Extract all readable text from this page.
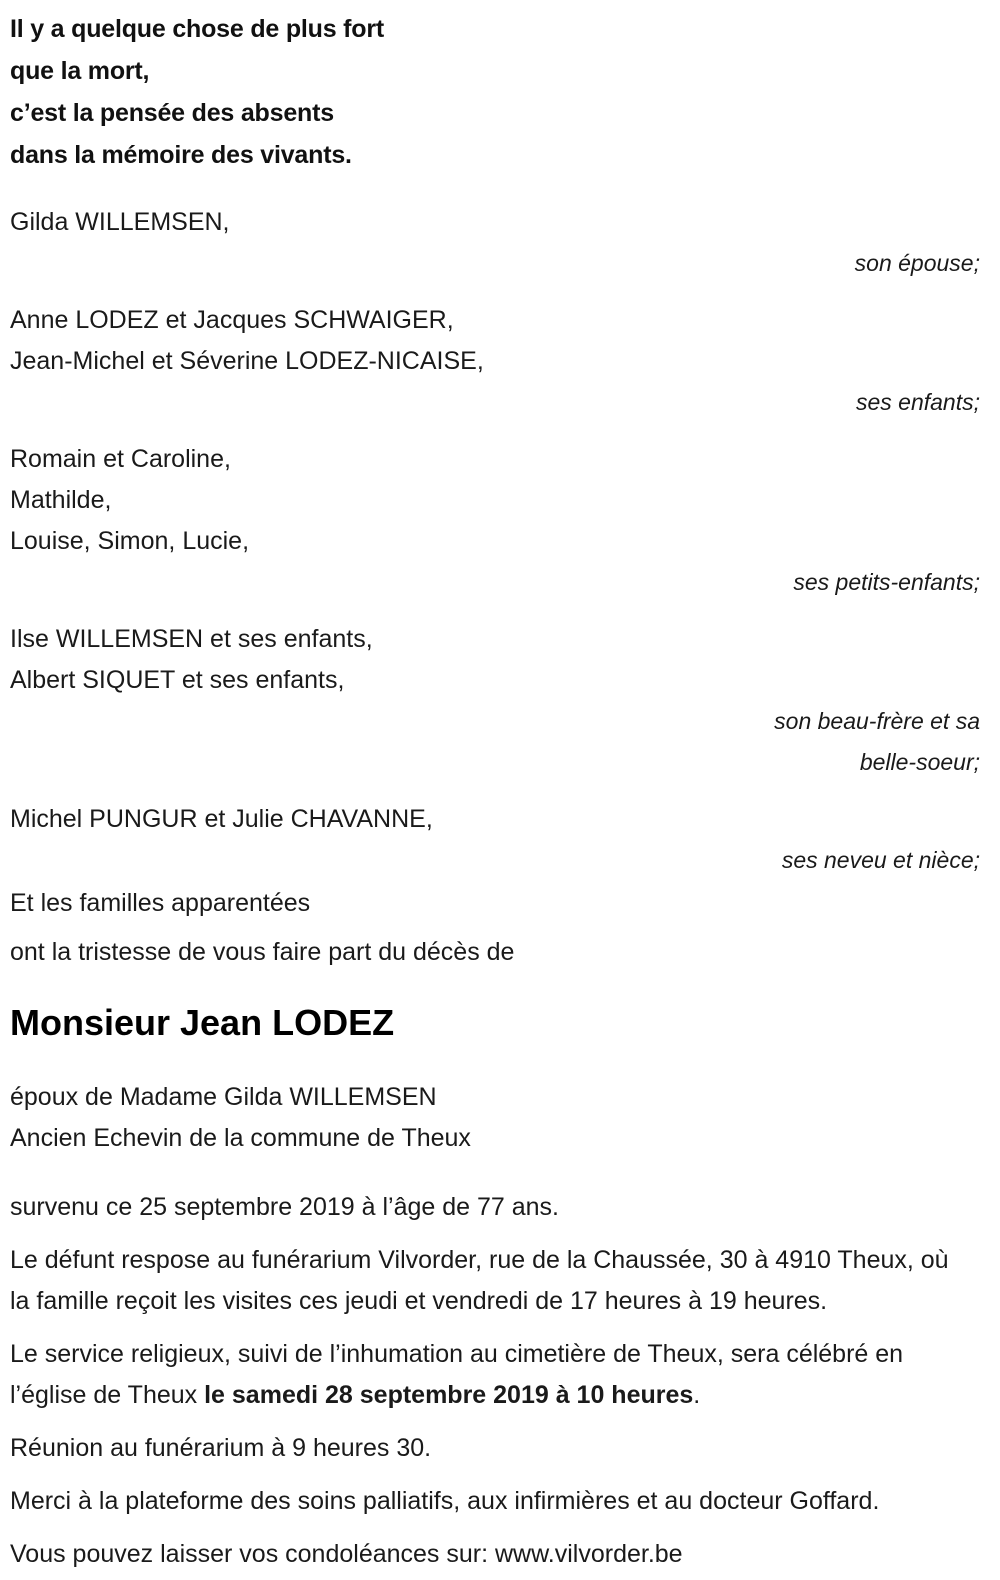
Il y a quelque chose de plus fort
que la mort,
c’est la pensée des absents
dans la mémoire des vivants.
Gilda WILLEMSEN,
son épouse;
Anne LODEZ et Jacques SCHWAIGER,
Jean-Michel et Séverine LODEZ-NICAISE,
ses enfants;
Romain et Caroline,
Mathilde,
Louise, Simon, Lucie,
ses petits-enfants;
Ilse WILLEMSEN et ses enfants,
Albert SIQUET et ses enfants,
son beau-frère et sa
belle-soeur;
Michel PUNGUR et Julie CHAVANNE,
ses neveu et nièce;
Et les familles apparentées
ont la tristesse de vous faire part du décès de
Monsieur Jean LODEZ
époux de Madame Gilda WILLEMSEN
Ancien Echevin de la commune de Theux
survenu ce 25 septembre 2019 à l’âge de 77 ans.
Le défunt respose au funérarium Vilvorder, rue de la Chaussée, 30 à 4910 Theux, où la famille reçoit les visites ces jeudi et vendredi de 17 heures à 19 heures.
Le service religieux, suivi de l’inhumation au cimetière de Theux, sera célébré en l’église de Theux le samedi 28 septembre 2019 à 10 heures.
Réunion au funérarium à 9 heures 30.
Merci à la plateforme des soins palliatifs, aux infirmières et au docteur Goffard.
Vous pouvez laisser vos condoléances sur: www.vilvorder.be
